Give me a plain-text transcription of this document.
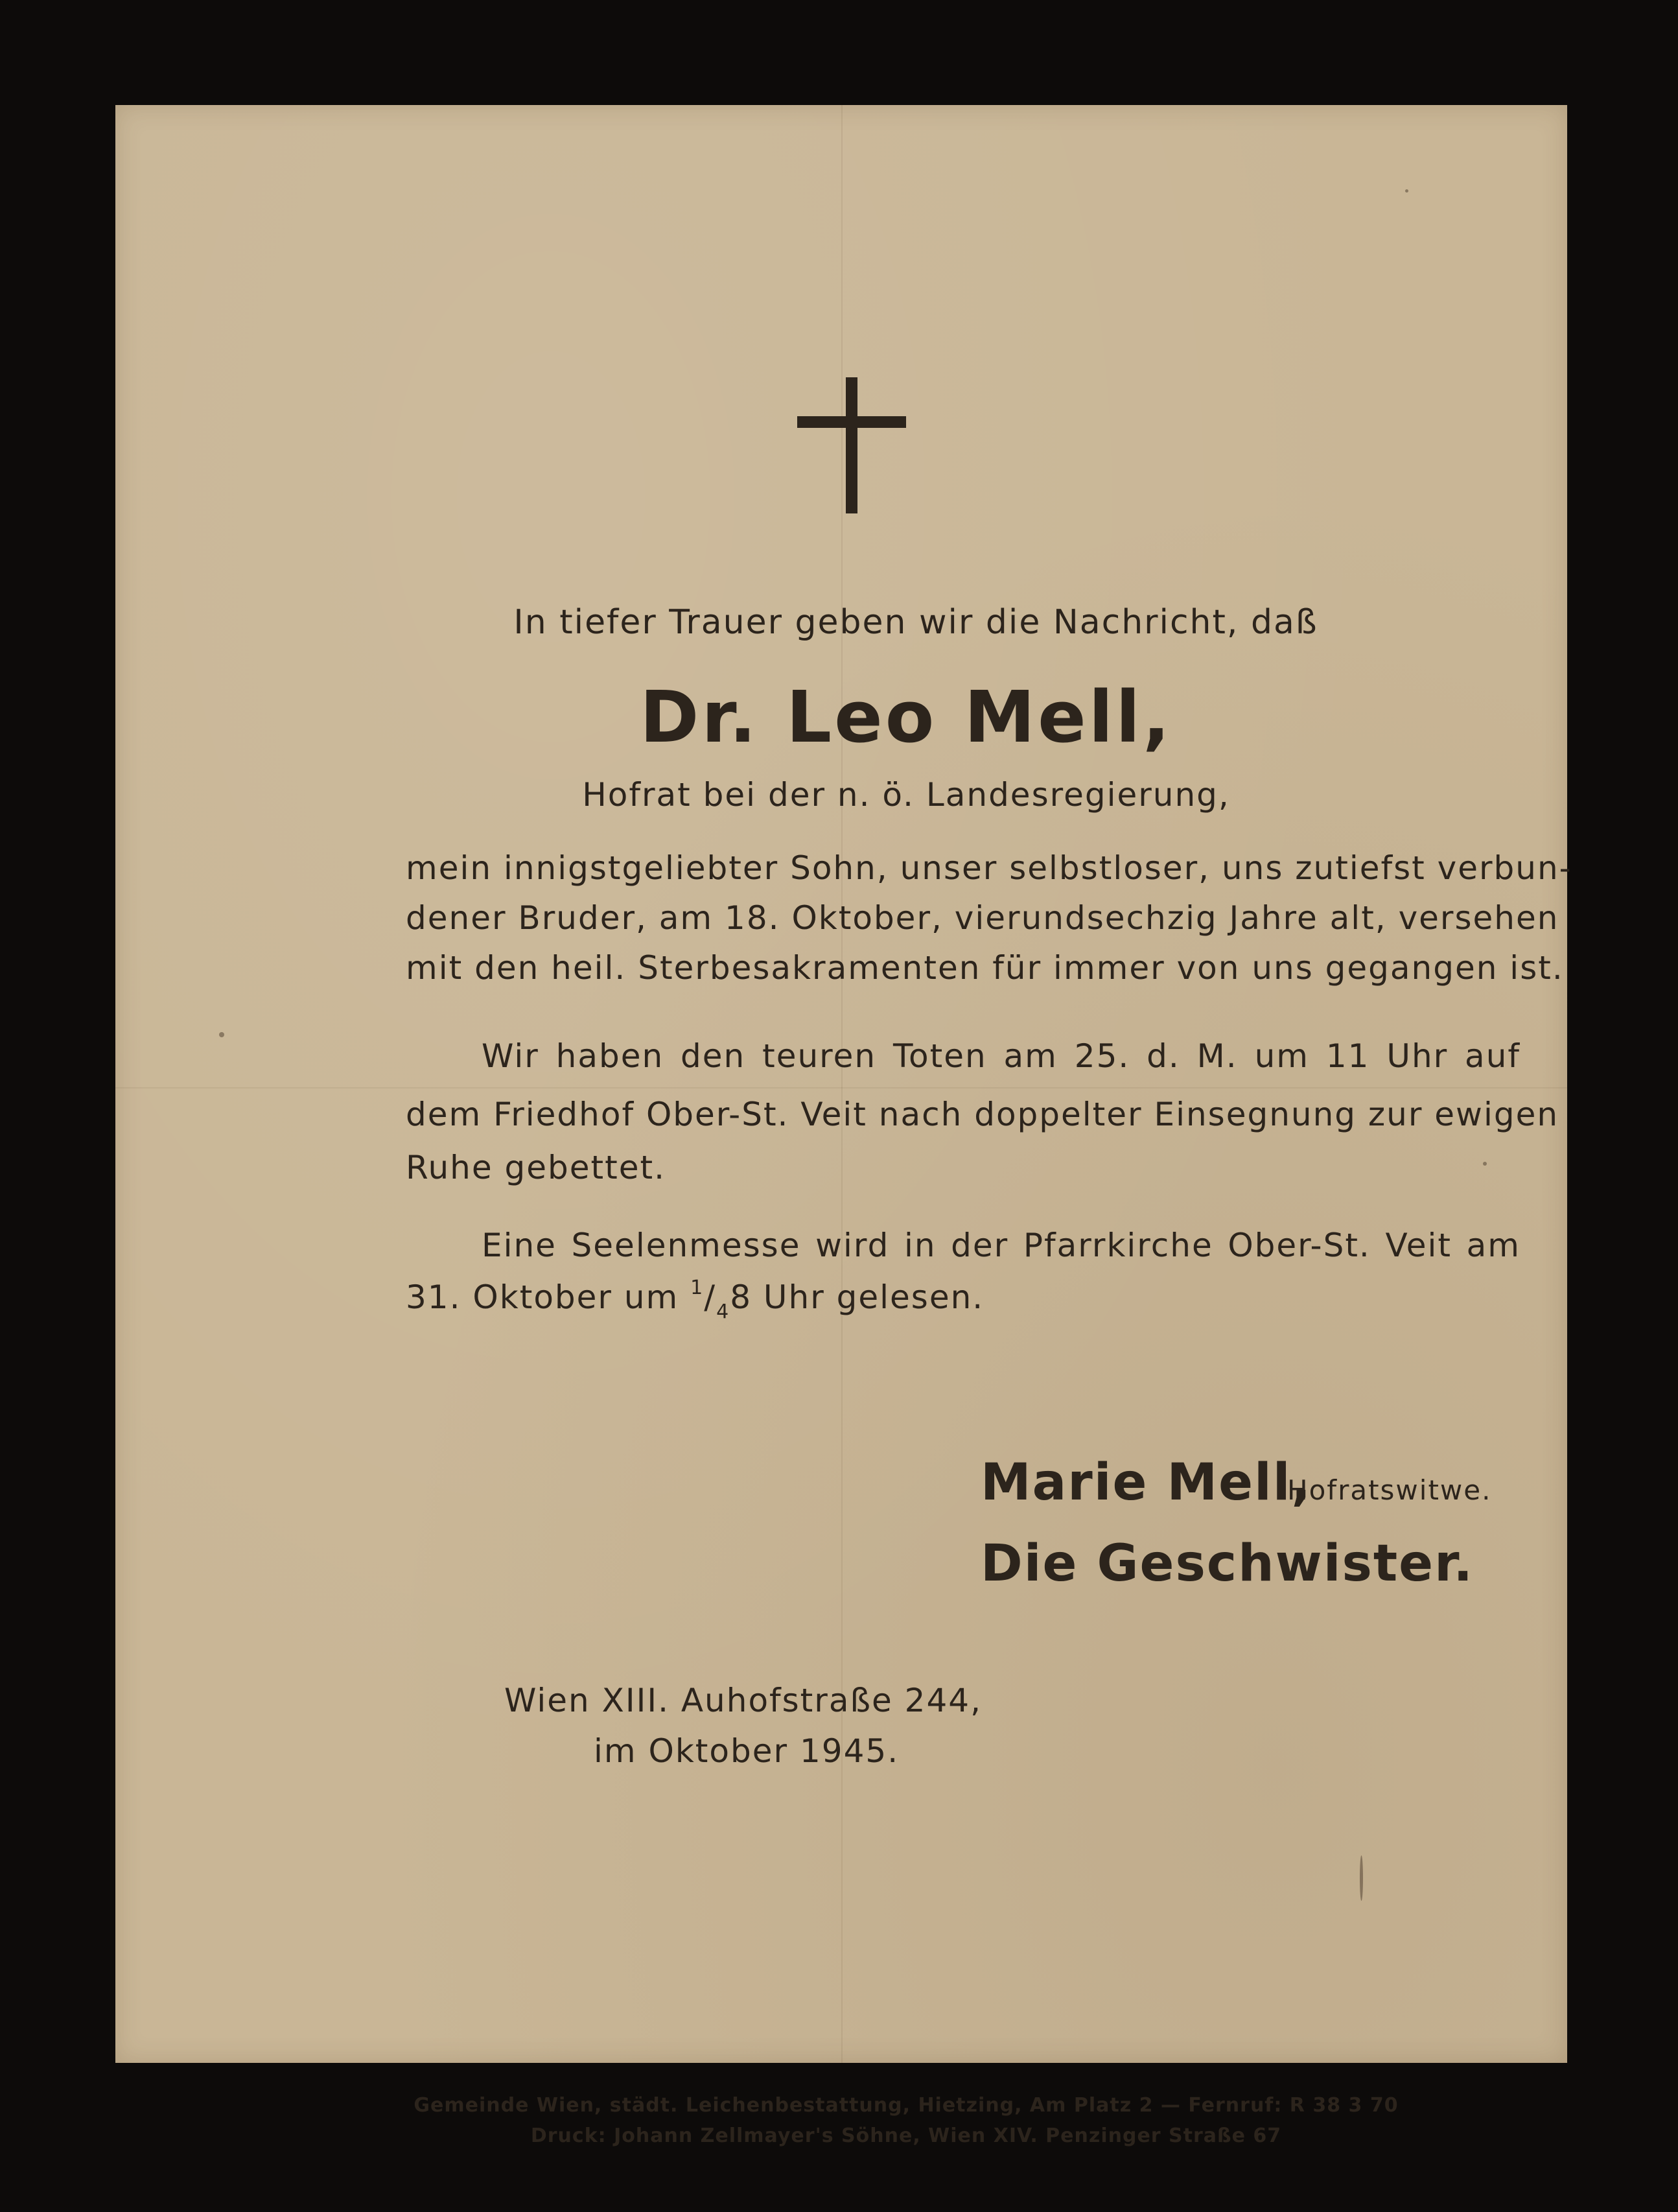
In tiefer Trauer geben wir die Nachricht, daß
Dr. Leo Mell,
Hofrat bei der n. ö. Landesregierung,
mein innigstgeliebter Sohn, unser selbstloser, uns zutiefst verbun-
dener Bruder, am 18. Oktober, vierundsechzig Jahre alt, versehen
mit den heil. Sterbesakramenten für immer von uns gegangen ist.
Wir haben den teuren Toten am 25. d. M. um 11 Uhr auf
dem Friedhof Ober-St. Veit nach doppelter Einsegnung zur ewigen
Ruhe gebettet.
Eine Seelenmesse wird in der Pfarrkirche Ober-St. Veit am
31. Oktober um $^1/_48$ Uhr gelesen.
Marie Mell,
Hofratswitwe.
Die Geschwister.
Wien XIII. Auhofstraße 244,
im Oktober 1945.
Gemeinde Wien, städt. Leichenbestattung, Hietzing, Am Platz 2 — Fernruf: R 38 3 70
Druck: Johann Zellmayer's Söhne, Wien XIV. Penzinger Straße 67
